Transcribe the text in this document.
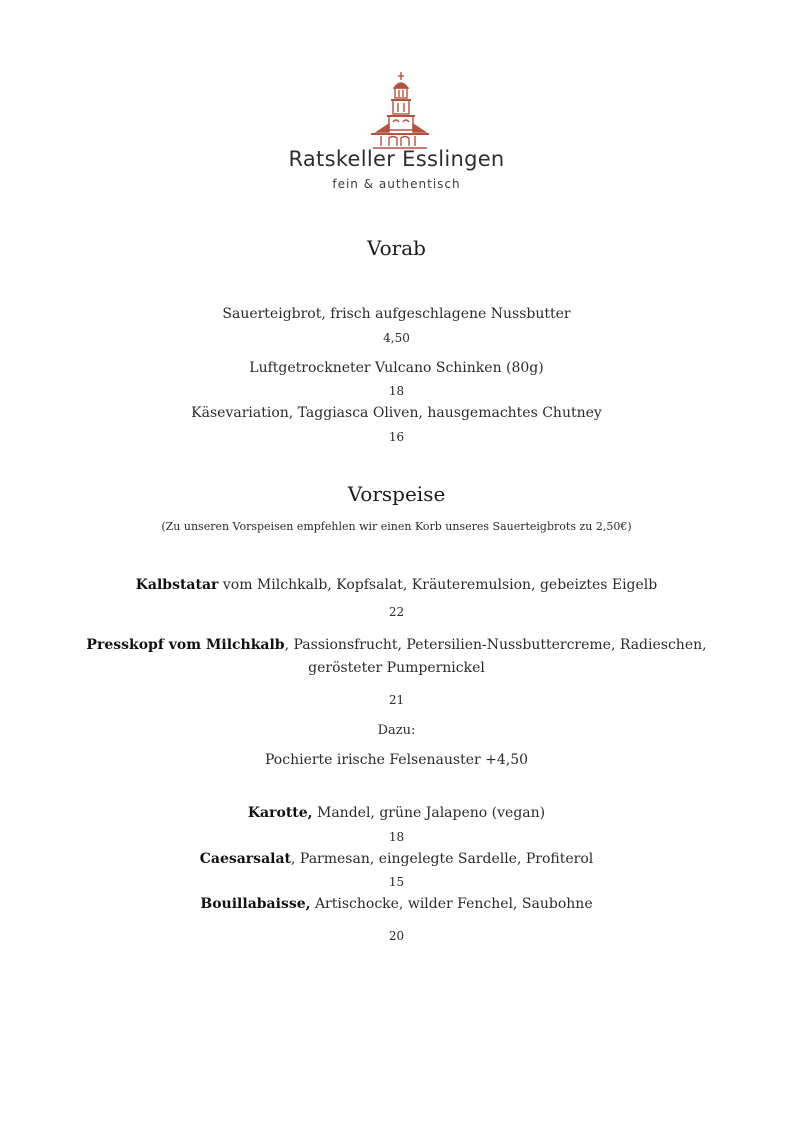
Ratskeller Esslingen
fein & authentisch
Vorab
Sauerteigbrot, frisch aufgeschlagene Nussbutter
4,50
Luftgetrockneter Vulcano Schinken (80g)
18
Käsevariation, Taggiasca Oliven, hausgemachtes Chutney
16
Vorspeise
(Zu unseren Vorspeisen empfehlen wir einen Korb unseres Sauerteigbrots zu 2,50€)
Kalbstatar vom Milchkalb, Kopfsalat, Kräuteremulsion, gebeiztes Eigelb
22
Presskopf vom Milchkalb, Passionsfrucht, Petersilien-Nussbuttercreme, Radieschen,
gerösteter Pumpernickel
21
Dazu:
Pochierte irische Felsenauster +4,50
Karotte, Mandel, grüne Jalapeno (vegan)
18
Caesarsalat, Parmesan, eingelegte Sardelle, Profiterol
15
Bouillabaisse, Artischocke, wilder Fenchel, Saubohne
20
